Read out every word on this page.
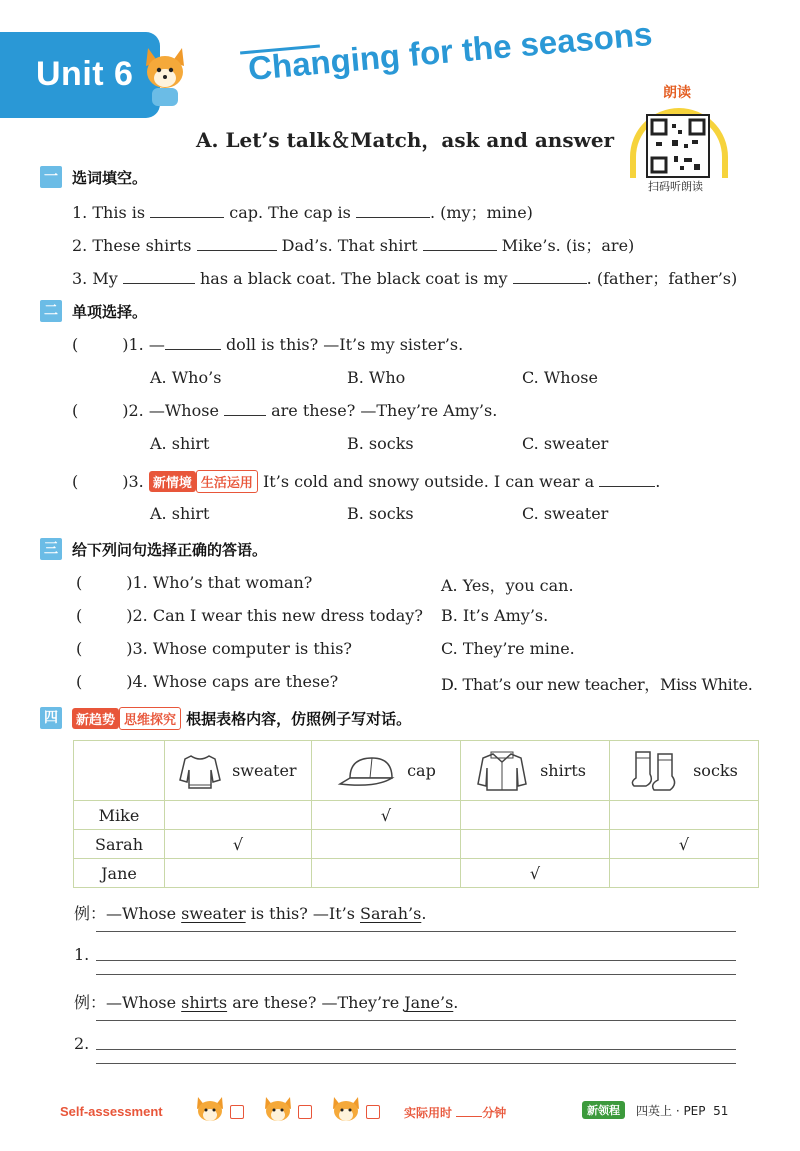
Unit 6	Changing for the seasons
A. Let’s talk＆Match，ask and answer
朗读
扫码听朗读
一 选词填空。
1. This is	cap. The cap is	. (my；mine)
2. These shirts	Dad’s. That shirt	Mike’s. (is；are)
3. My	has a black coat. The black coat is my	. (father；father’s)
二 单项选择。
(	)1. —	doll is this? —It’s my sister’s.
A. Who’s	B. Who	C. Whose
(	)2. —Whose	are these? —They’re Amy’s.
A. shirt	B. socks	C. sweater
(	)3. 新情境 生活运用 It’s cold and snowy outside. I can wear a	.
A. shirt	B. socks	C. sweater
三 给下列问句选择正确的答语。
(	)1. Who’s that woman?	A. Yes，you can.
(	)2. Can I wear this new dress today? B. It’s Amy’s.
(	)3. Whose computer is this?	C. They’re mine.
(	)4. Whose caps are these?	D. That’s our new teacher，Miss White.
四	新趋势 思维探究 根据表格内容，仿照例子写对话。
	sweater	cap	shirts	socks
Mike		√		
Sarah	√			√
Jane			√	
例：—Whose sweater is this? —It’s Sarah’s.
1.
例：—Whose shirts are these? —They’re Jane’s.
2.
Self-assessment	实际用时	分钟	新领程	四英上 · PEP 51
